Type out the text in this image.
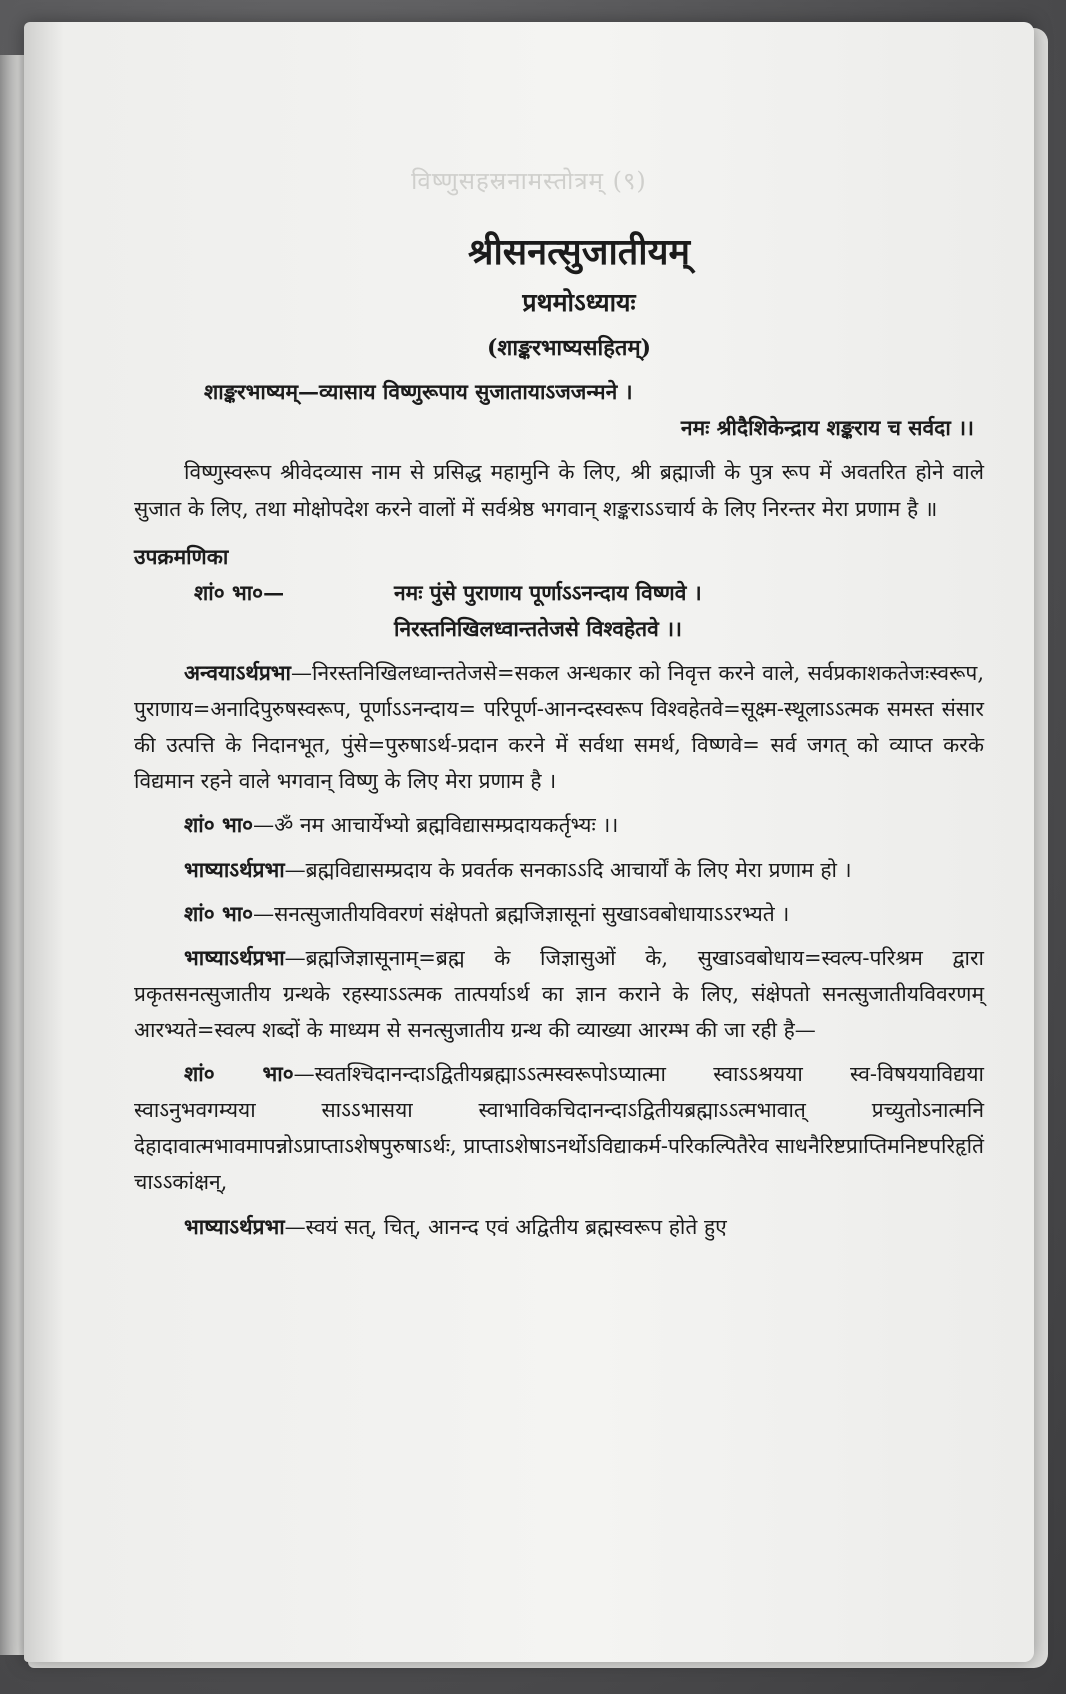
विष्णुसहस्रनामस्तोत्रम् (९)
श्रीसनत्सुजातीयम्
प्रथमोऽध्यायः
(शाङ्करभाष्यसहितम्)
शाङ्करभाष्यम्—व्यासाय विष्णुरूपाय सुजातायाऽजजन्मने ।
नमः श्रीदैशिकेन्द्राय शङ्कराय च सर्वदा ।।

विष्णुस्वरूप श्रीवेदव्यास नाम से प्रसिद्ध महामुनि के लिए, श्री ब्रह्माजी के पुत्र रूप में अवतरित होने वाले सुजात के लिए, तथा मोक्षोपदेश करने वालों में सर्वश्रेष्ठ भगवान् शङ्कराऽऽचार्य के लिए निरन्तर मेरा प्रणाम है ॥

उपक्रमणिका
शां० भा०—	नमः पुंसे पुराणाय पूर्णाऽऽनन्दाय विष्णवे ।
निरस्तनिखिलध्वान्ततेजसे विश्वहेतवे ।।

अन्वयाऽर्थप्रभा—निरस्तनिखिलध्वान्ततेजसे=सकल अन्धकार को निवृत्त करने वाले, सर्वप्रकाशकतेजःस्वरूप, पुराणाय=अनादिपुरुषस्वरूप, पूर्णाऽऽनन्दाय= परिपूर्ण-आनन्दस्वरूप विश्वहेतवे=सूक्ष्म-स्थूलाऽऽत्मक समस्त संसार की उत्पत्ति के निदानभूत, पुंसे=पुरुषाऽर्थ-प्रदान करने में सर्वथा समर्थ, विष्णवे= सर्व जगत् को व्याप्त करके विद्यमान रहने वाले भगवान् विष्णु के लिए मेरा प्रणाम है ।

शां० भा०—ॐ नम आचार्येभ्यो ब्रह्मविद्यासम्प्रदायकर्तृभ्यः ।।

भाष्याऽर्थप्रभा—ब्रह्मविद्यासम्प्रदाय के प्रवर्तक सनकाऽऽदि आचार्यों के लिए मेरा प्रणाम हो ।

शां० भा०—सनत्सुजातीयविवरणं संक्षेपतो ब्रह्मजिज्ञासूनां सुखाऽवबोधायाऽऽरभ्यते ।

भाष्याऽर्थप्रभा—ब्रह्मजिज्ञासूनाम्=ब्रह्म के जिज्ञासुओं के, सुखाऽवबोधाय=स्वल्प-परिश्रम द्वारा प्रकृतसनत्सुजातीय ग्रन्थके रहस्याऽऽत्मक तात्पर्याऽर्थ का ज्ञान कराने के लिए, संक्षेपतो सनत्सुजातीयविवरणम् आरभ्यते=स्वल्प शब्दों के माध्यम से सनत्सुजातीय ग्रन्थ की व्याख्या आरम्भ की जा रही है—

शां० भा०—स्वतश्चिदानन्दाऽद्वितीयब्रह्माऽऽत्मस्वरूपोऽप्यात्मा स्वाऽऽश्रयया स्व-विषययाविद्यया स्वाऽनुभवगम्यया साऽऽभासया स्वाभाविकचिदानन्दाऽद्वितीयब्रह्माऽऽत्मभावात् प्रच्युतोऽनात्मनि देहादावात्मभावमापन्नोऽप्राप्ताऽशेषपुरुषाऽर्थः, प्राप्ताऽशेषाऽनर्थोऽविद्याकर्म-परिकल्पितैरेव साधनैरिष्टप्राप्तिमनिष्टपरिहृतिं चाऽऽकांक्षन्,

भाष्याऽर्थप्रभा—स्वयं सत्, चित्, आनन्द एवं अद्वितीय ब्रह्मस्वरूप होते हुए
